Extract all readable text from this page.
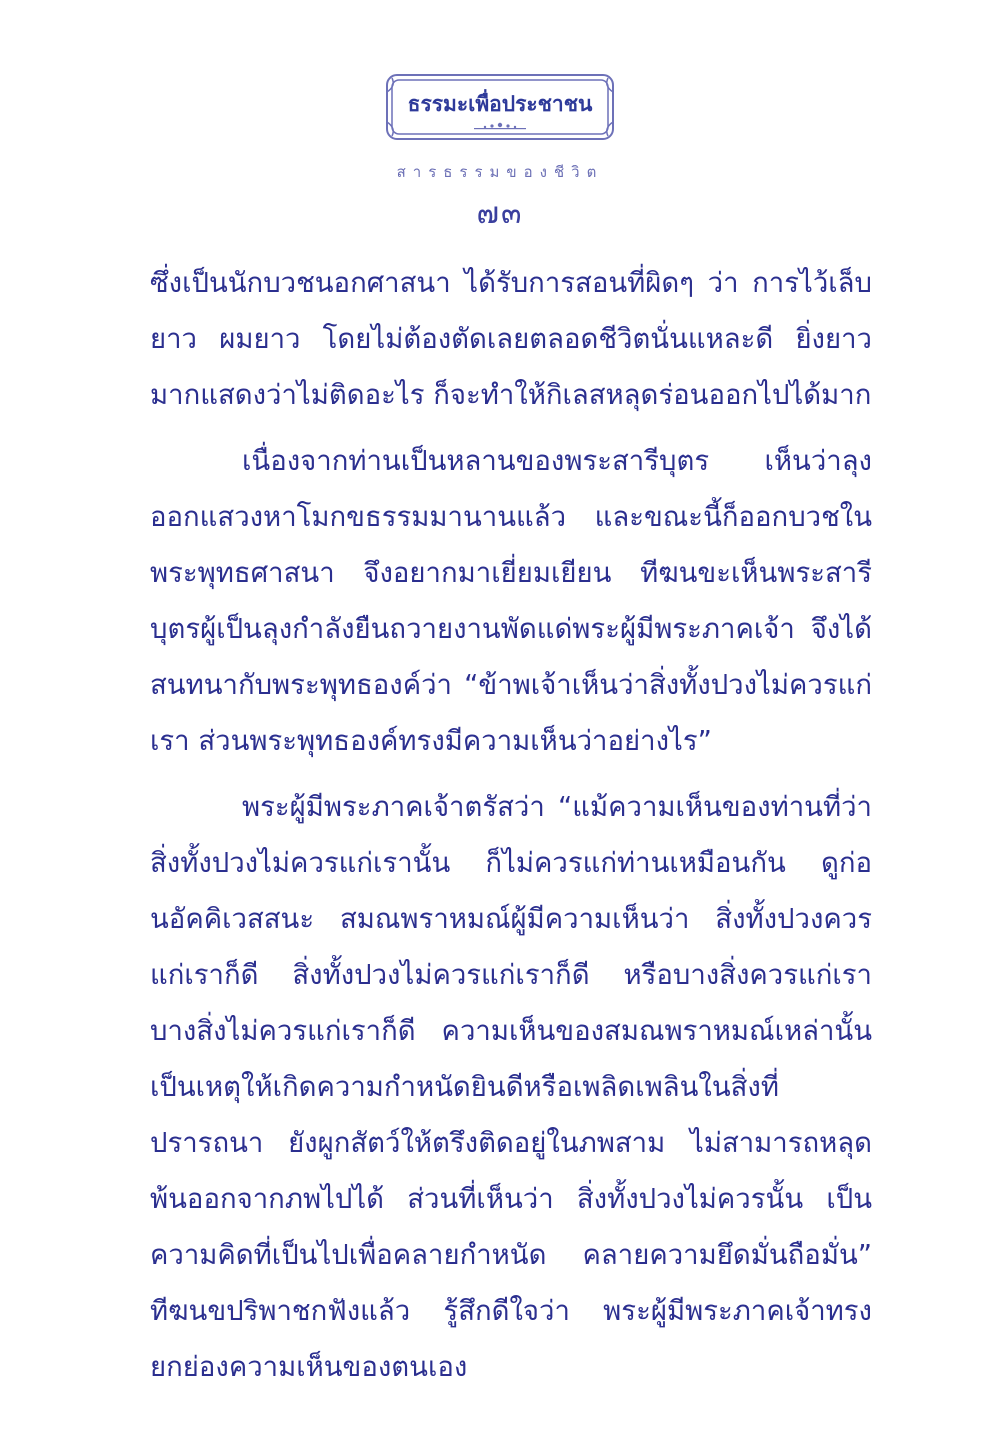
ธรรมะเพื่อประชาชน
สารธรรมของชีวิต
๗๓

ซึ่งเป็นนักบวชนอกศาสนา ได้รับการสอนที่ผิดๆ ว่า การไว้เล็บยาว ผมยาว โดยไม่ต้องตัดเลยตลอดชีวิตนั่นแหละดี ยิ่งยาวมากแสดงว่าไม่ติดอะไร ก็จะทำให้กิเลสหลุดร่อนออกไปได้มาก

เนื่องจากท่านเป็นหลานของพระสารีบุตร เห็นว่าลุงออกแสวงหาโมกขธรรมมานานแล้ว และขณะนี้ก็ออกบวชในพระพุทธศาสนา จึงอยากมาเยี่ยมเยียน ทีฆนขะเห็นพระสารีบุตรผู้เป็นลุงกำลังยืนถวายงานพัดแด่พระผู้มีพระภาคเจ้า จึงได้สนทนากับพระพุทธองค์ว่า “ข้าพเจ้าเห็นว่าสิ่งทั้งปวงไม่ควรแก่เรา ส่วนพระพุทธองค์ทรงมีความเห็นว่าอย่างไร”

พระผู้มีพระภาคเจ้าตรัสว่า “แม้ความเห็นของท่านที่ว่าสิ่งทั้งปวงไม่ควรแก่เรานั้น ก็ไม่ควรแก่ท่านเหมือนกัน ดูก่อนอัคคิเวสสนะ สมณพราหมณ์ผู้มีความเห็นว่า สิ่งทั้งปวงควรแก่เราก็ดี สิ่งทั้งปวงไม่ควรแก่เราก็ดี หรือบางสิ่งควรแก่เรา บางสิ่งไม่ควรแก่เราก็ดี ความเห็นของสมณพราหมณ์เหล่านั้น เป็นเหตุให้เกิดความกำหนัดยินดีหรือเพลิดเพลินในสิ่งที่ปรารถนา ยังผูกสัตว์ให้ตรึงติดอยู่ในภพสาม ไม่สามารถหลุดพ้นออกจากภพไปได้ ส่วนที่เห็นว่า สิ่งทั้งปวงไม่ควรนั้น เป็นความคิดที่เป็นไปเพื่อคลายกำหนัด คลายความยึดมั่นถือมั่น” ทีฆนขปริพาชกฟังแล้ว รู้สึกดีใจว่า พระผู้มีพระภาคเจ้าทรงยกย่องความเห็นของตนเอง
